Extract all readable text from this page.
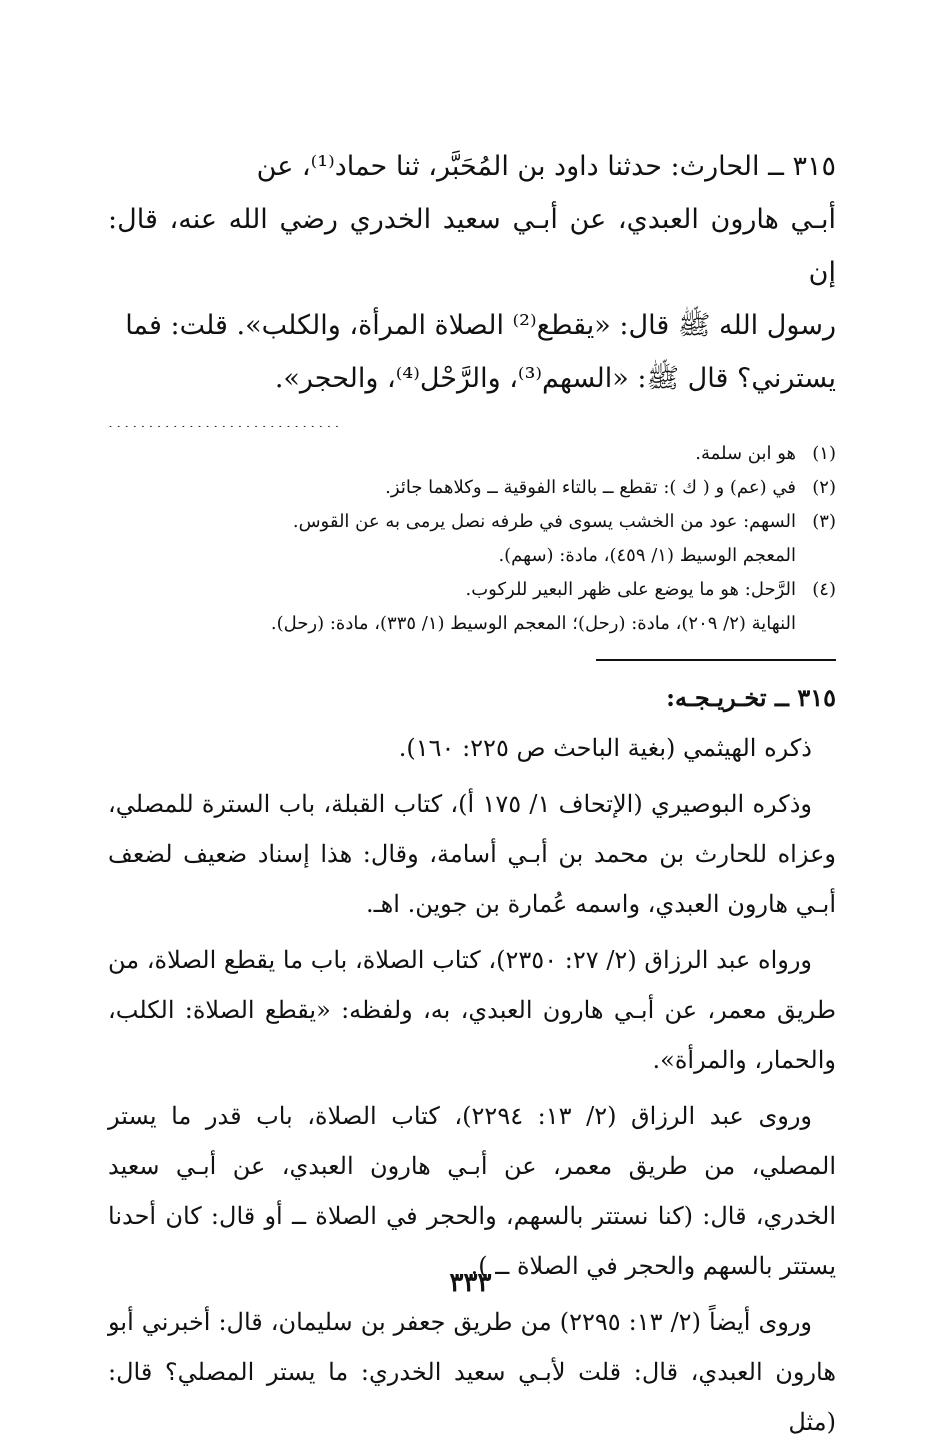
٣١٥ ــ الحارث: حدثنا داود بن المُحَبَّر، ثنا حماد⁽¹⁾، عن

أبـي هارون العبدي، عن أبـي سعيد الخدري رضي الله عنه، قال: إن

رسول الله ﷺ قال: «يقطع⁽²⁾ الصلاة المرأة، والكلب». قلت: فما

يسترني؟ قال ﷺ: «السهم⁽³⁾، والرَّحْل⁽⁴⁾، والحجر».

.............................
(١)
هو ابن سلمة.
(٢)
في (عم) و ( ك ): تقطع ــ بالتاء الفوقية ــ وكلاهما جائز.
(٣)
السهم: عود من الخشب يسوى في طرفه نصل يرمى به عن القوس.
المعجم الوسيط (١/ ٤٥٩)، مادة: (سهم).
(٤)
الرَّحل: هو ما يوضع على ظهر البعير للركوب.
النهاية (٢/ ٢٠٩)، مادة: (رحل)؛ المعجم الوسيط (١/ ٣٣٥)، مادة: (رحل).

٣١٥ ــ تخـريـجـه:

ذكره الهيثمي (بغية الباحث ص ٢٢٥: ١٦٠).

وذكره البوصيري (الإتحاف ١/ ١٧٥ أ)، كتاب القبلة، باب السترة للمصلي، وعزاه للحارث بن محمد بن أبـي أسامة، وقال: هذا إسناد ضعيف لضعف أبـي هارون العبدي، واسمه عُمارة بن جوين. اهـ.

ورواه عبد الرزاق (٢/ ٢٧: ٢٣٥٠)، كتاب الصلاة، باب ما يقطع الصلاة، من طريق معمر، عن أبـي هارون العبدي، به، ولفظه: «يقطع الصلاة: الكلب، والحمار، والمرأة».

وروى عبد الرزاق (٢/ ١٣: ٢٢٩٤)، كتاب الصلاة، باب قدر ما يستر المصلي، من طريق معمر، عن أبـي هارون العبدي، عن أبـي سعيد الخدري، قال: (كنا نستتر بالسهم، والحجر في الصلاة ــ أو قال: كان أحدنا يستتر بالسهم والحجر في الصلاة ــ ).

وروى أيضاً (٢/ ١٣: ٢٢٩٥) من طريق جعفر بن سليمان، قال: أخبرني أبو هارون العبدي، قال: قلت لأبـي سعيد الخدري: ما يستر المصلي؟ قال: (مثل

٣٣٣
